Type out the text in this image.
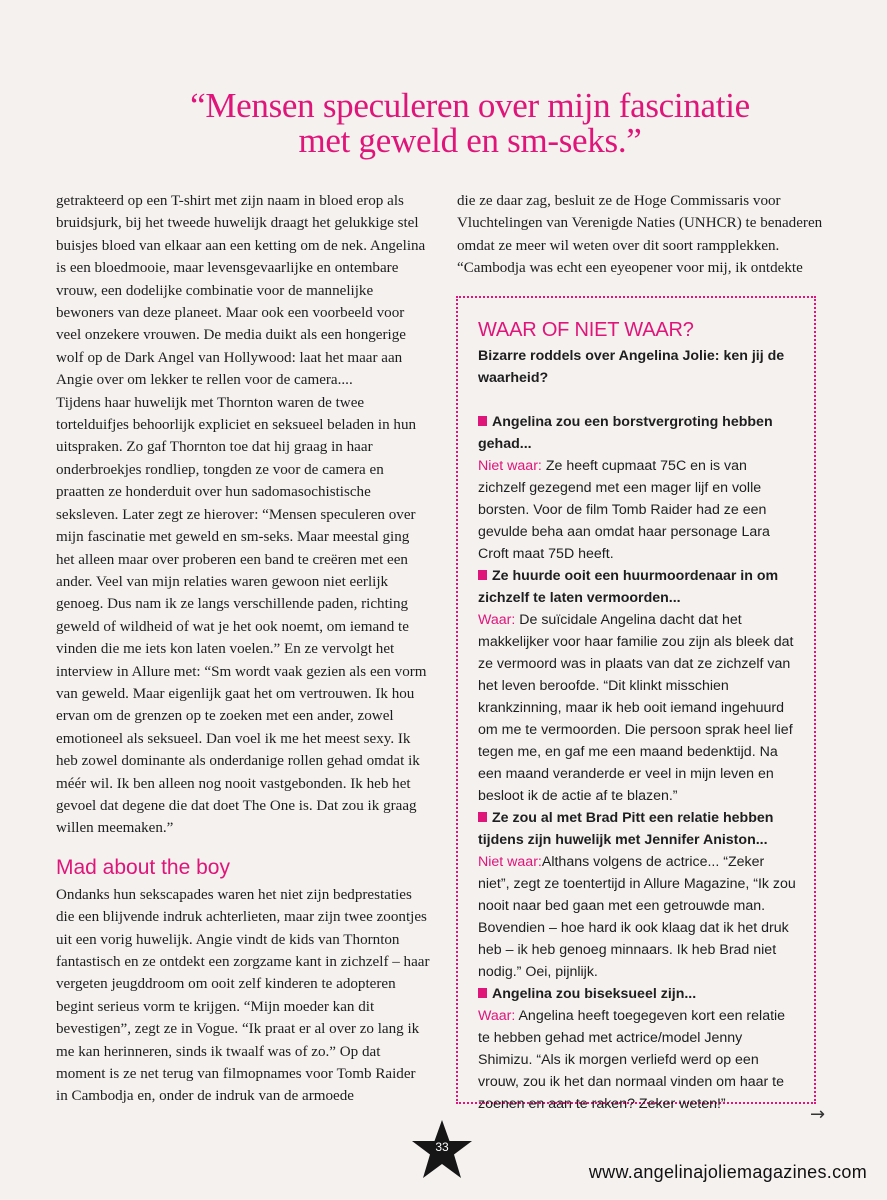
“Mensen speculeren over mijn fascinatie
met geweld en sm-seks.”

getrakteerd op een T-shirt met zijn naam in bloed erop als bruidsjurk, bij het tweede huwelijk draagt het gelukkige stel buisjes bloed van elkaar aan een ketting om de nek. Angelina is een bloedmooie, maar levensgevaarlijke en ontembare vrouw, een dodelijke combinatie voor de mannelijke bewoners van deze planeet. Maar ook een voorbeeld voor veel onzekere vrouwen. De media duikt als een hongerige wolf op de Dark Angel van Hollywood: laat het maar aan Angie over om lekker te rellen voor de camera....

Tijdens haar huwelijk met Thornton waren de twee tortelduifjes behoorlijk expliciet en seksueel beladen in hun uitspraken. Zo gaf Thornton toe dat hij graag in haar onderbroekjes rondliep, tongden ze voor de camera en praatten ze honderduit over hun sadomasochistische seksleven. Later zegt ze hierover: “Mensen speculeren over mijn fascinatie met geweld en sm-seks. Maar meestal ging het alleen maar over proberen een band te creëren met een ander. Veel van mijn relaties waren gewoon niet eerlijk genoeg. Dus nam ik ze langs verschillende paden, richting geweld of wildheid of wat je het ook noemt, om iemand te vinden die me iets kon laten voelen.” En ze vervolgt het interview in Allure met: “Sm wordt vaak gezien als een vorm van geweld. Maar eigenlijk gaat het om vertrouwen. Ik hou ervan om de grenzen op te zoeken met een ander, zowel emotioneel als seksueel. Dan voel ik me het meest sexy. Ik heb zowel dominante als onderdanige rollen gehad omdat ik méér wil. Ik ben alleen nog nooit vastgebonden. Ik heb het gevoel dat degene die dat doet The One is. Dat zou ik graag willen meemaken.”

Mad about the boy

Ondanks hun sekscapades waren het niet zijn bedprestaties die een blijvende indruk achterlieten, maar zijn twee zoontjes uit een vorig huwelijk. Angie vindt de kids van Thornton fantastisch en ze ontdekt een zorgzame kant in zichzelf – haar vergeten jeugddroom om ooit zelf kinderen te adopteren begint serieus vorm te krijgen. “Mijn moeder kan dit bevestigen”, zegt ze in Vogue. “Ik praat er al over zo lang ik me kan herinneren, sinds ik twaalf was of zo.” Op dat moment is ze net terug van filmopnames voor Tomb Raider in Cambodja en, onder de indruk van de armoede

die ze daar zag, besluit ze de Hoge Commissaris voor Vluchtelingen van Verenigde Naties (UNHCR) te benaderen omdat ze meer wil weten over dit soort rampplekken. “Cambodja was echt een eyeopener voor mij, ik ontdekte

WAAR OF NIET WAAR?
Bizarre roddels over Angelina Jolie: ken jij de waarheid?
Angelina zou een borstvergroting hebben gehad...
Niet waar: Ze heeft cupmaat 75C en is van zichzelf gezegend met een mager lijf en volle borsten. Voor de film Tomb Raider had ze een gevulde beha aan omdat haar personage Lara Croft maat 75D heeft.
Ze huurde ooit een huurmoordenaar in om zichzelf te laten vermoorden...
Waar: De suïcidale Angelina dacht dat het makkelijker voor haar familie zou zijn als bleek dat ze vermoord was in plaats van dat ze zichzelf van het leven beroofde. “Dit klinkt misschien krankzinning, maar ik heb ooit iemand ingehuurd om me te vermoorden. Die persoon sprak heel lief tegen me, en gaf me een maand bedenktijd. Na een maand veranderde er veel in mijn leven en besloot ik de actie af te blazen.”
Ze zou al met Brad Pitt een relatie hebben tijdens zijn huwelijk met Jennifer Aniston...
Niet waar:Althans volgens de actrice... “Zeker niet”, zegt ze toentertijd in Allure Magazine, “Ik zou nooit naar bed gaan met een getrouwde man. Bovendien – hoe hard ik ook klaag dat ik het druk heb – ik heb genoeg minnaars. Ik heb Brad niet nodig.” Oei, pijnlijk.
Angelina zou biseksueel zijn...
Waar: Angelina heeft toegegeven kort een relatie te hebben gehad met actrice/model Jenny Shimizu. “Als ik morgen verliefd werd op een vrouw, zou ik het dan normaal vinden om haar te zoenen en aan te raken? Zeker weten!”	→
33
www.angelinajoliemagazines.com
